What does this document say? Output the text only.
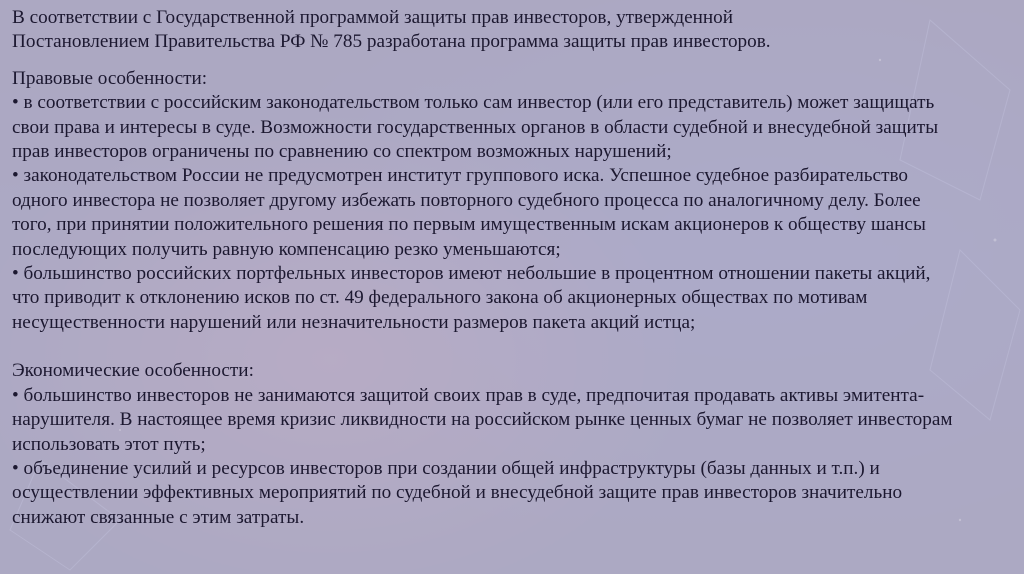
В соответствии с Государственной программой защиты прав инвесторов, утвержденной

Постановлением Правительства РФ № 785 разработана программа защиты прав инвесторов.

Правовые особенности:

• в соответствии с российским законодательством только сам инвестор (или его представитель) может защищать

свои права и интересы в суде. Возможности государственных органов в области судебной и внесудебной защиты

прав инвесторов ограничены по сравнению со спектром возможных нарушений;

• законодательством России не предусмотрен институт группового иска. Успешное судебное разбирательство

одного инвестора не позволяет другому избежать повторного судебного процесса по аналогичному делу. Более

того, при принятии положительного решения по первым имущественным искам акционеров к обществу шансы

последующих получить равную компенсацию резко уменьшаются;

• большинство российских портфельных инвесторов имеют небольшие в процентном отношении пакеты акций,

что приводит к отклонению исков по ст. 49 федерального закона об акционерных обществах по мотивам

несущественности нарушений или незначительности размеров пакета акций истца;

Экономические особенности:

• большинство инвесторов не занимаются защитой своих прав в суде, предпочитая продавать активы эмитента-

нарушителя. В настоящее время кризис ликвидности на российском рынке ценных бумаг не позволяет инвесторам

использовать этот путь;

• объединение усилий и ресурсов инвесторов при создании общей инфраструктуры (базы данных и т.п.) и

осуществлении эффективных мероприятий по судебной и внесудебной защите прав инвесторов значительно

снижают связанные с этим затраты.
